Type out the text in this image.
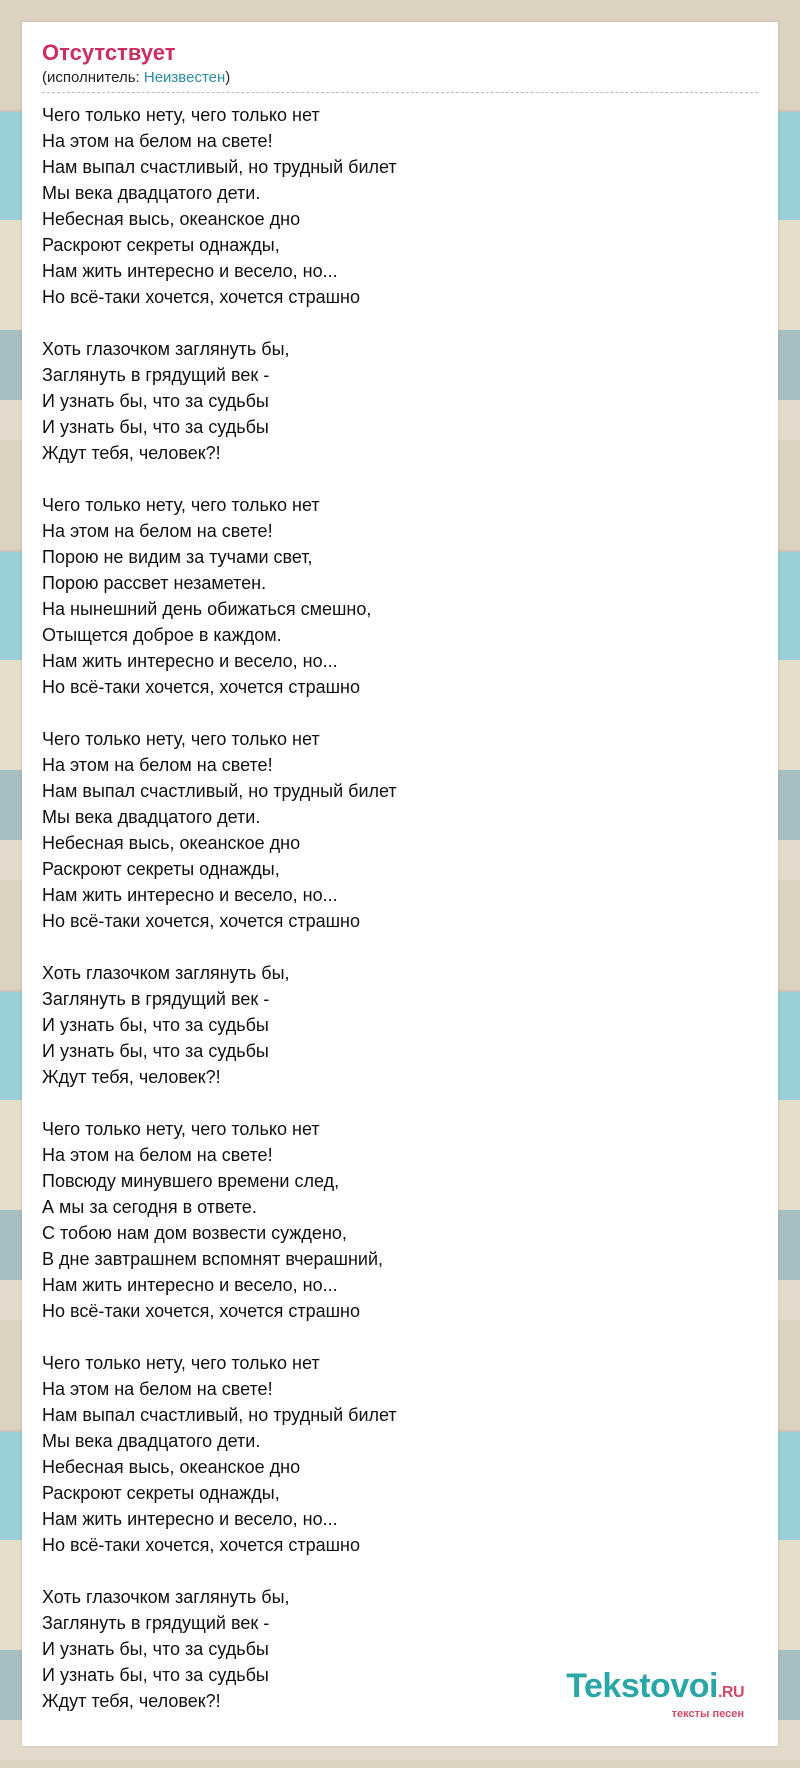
Отсутствует
(исполнитель: Неизвестен)
Чего только нету, чего только нет
На этом на белом на свете!
Нам выпал счастливый, но трудный билет
Мы века двадцатого дети.
Небесная высь, океанское дно
Раскроют секреты однажды,
Нам жить интересно и весело, но...
Но всё-таки хочется, хочется страшно
Хоть глазочком заглянуть бы,
Заглянуть в грядущий век -
И узнать бы, что за судьбы
И узнать бы, что за судьбы
Ждут тебя, человек?!
Чего только нету, чего только нет
На этом на белом на свете!
Порою не видим за тучами свет,
Порою рассвет незаметен.
На нынешний день обижаться смешно,
Отыщется доброе в каждом.
Нам жить интересно и весело, но...
Но всё-таки хочется, хочется страшно
Чего только нету, чего только нет
На этом на белом на свете!
Нам выпал счастливый, но трудный билет
Мы века двадцатого дети.
Небесная высь, океанское дно
Раскроют секреты однажды,
Нам жить интересно и весело, но...
Но всё-таки хочется, хочется страшно
Хоть глазочком заглянуть бы,
Заглянуть в грядущий век -
И узнать бы, что за судьбы
И узнать бы, что за судьбы
Ждут тебя, человек?!
Чего только нету, чего только нет
На этом на белом на свете!
Повсюду минувшего времени след,
А мы за сегодня в ответе.
С тобою нам дом возвести суждено,
В дне завтрашнем вспомнят вчерашний,
Нам жить интересно и весело, но...
Но всё-таки хочется, хочется страшно
Чего только нету, чего только нет
На этом на белом на свете!
Нам выпал счастливый, но трудный билет
Мы века двадцатого дети.
Небесная высь, океанское дно
Раскроют секреты однажды,
Нам жить интересно и весело, но...
Но всё-таки хочется, хочется страшно
Хоть глазочком заглянуть бы,
Заглянуть в грядущий век -
И узнать бы, что за судьбы
И узнать бы, что за судьбы
Ждут тебя, человек?!	Tekstovoi.RU
тексты песен
